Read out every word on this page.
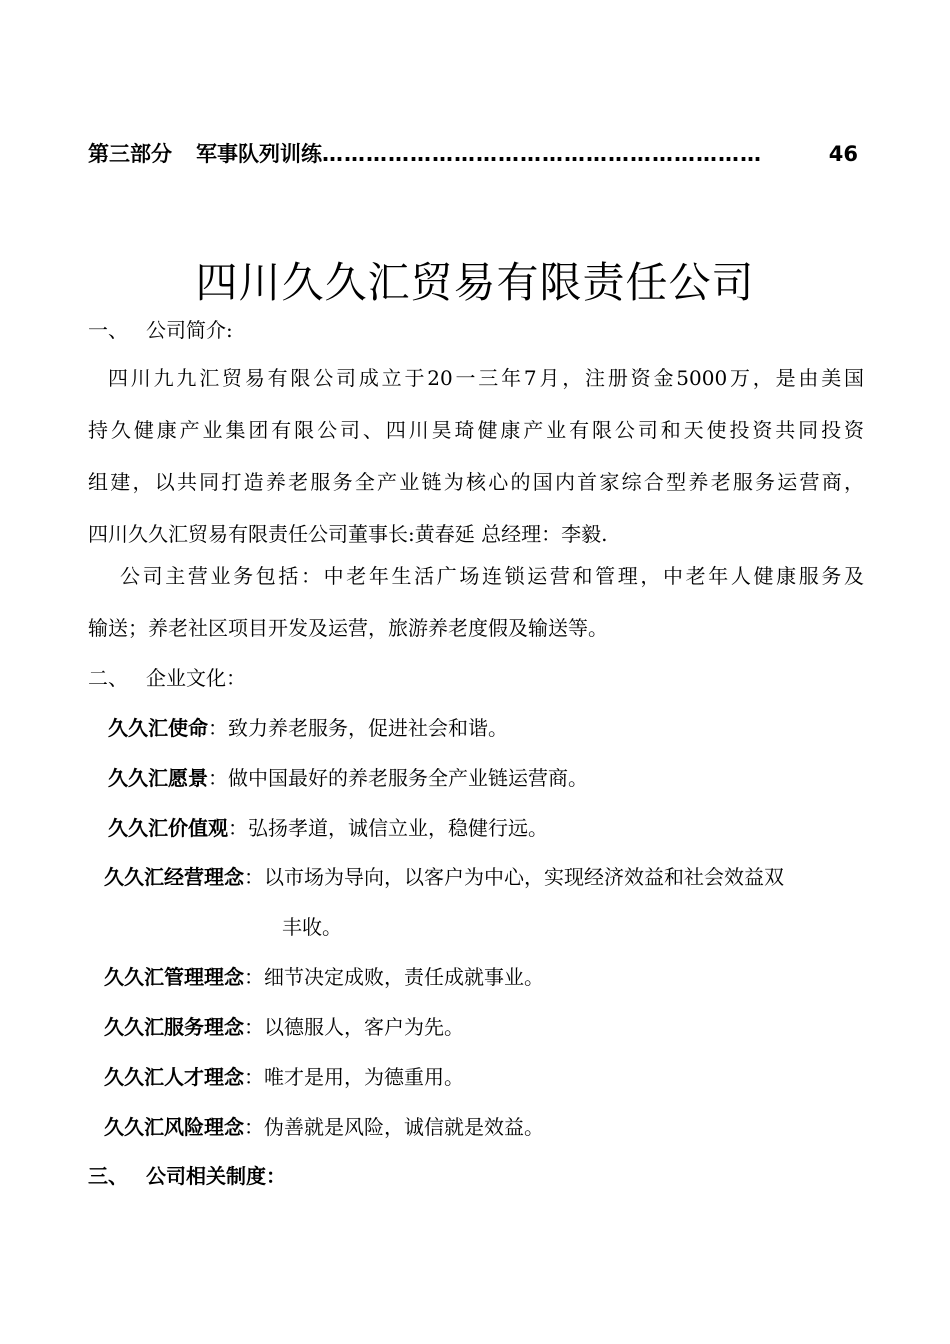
第三部分 军事队列训练 ……………………………………………………	46
四川久久汇贸易有限责任公司
一、 公司简介:
四川九九汇贸易有限公司成立于20一三年7月，注册资金5000万，是由美国
持久健康产业集团有限公司、四川昊琦健康产业有限公司和天使投资共同投资
组建，以共同打造养老服务全产业链为核心的国内首家综合型养老服务运营商，
四川久久汇贸易有限责任公司董事长:黄春延 总经理：李毅.
公司主营业务包括：中老年生活广场连锁运营和管理，中老年人健康服务及
输送；养老社区项目开发及运营，旅游养老度假及输送等。
二、 企业文化：
久久汇使命：致力养老服务，促进社会和谐。
久久汇愿景：做中国最好的养老服务全产业链运营商。
久久汇价值观：弘扬孝道，诚信立业，稳健行远。
久久汇经营理念：以市场为导向，以客户为中心，实现经济效益和社会效益双
丰收。
久久汇管理理念：细节决定成败，责任成就事业。
久久汇服务理念：以德服人，客户为先。
久久汇人才理念：唯才是用，为德重用。
久久汇风险理念：伪善就是风险，诚信就是效益。
三、 公司相关制度：
